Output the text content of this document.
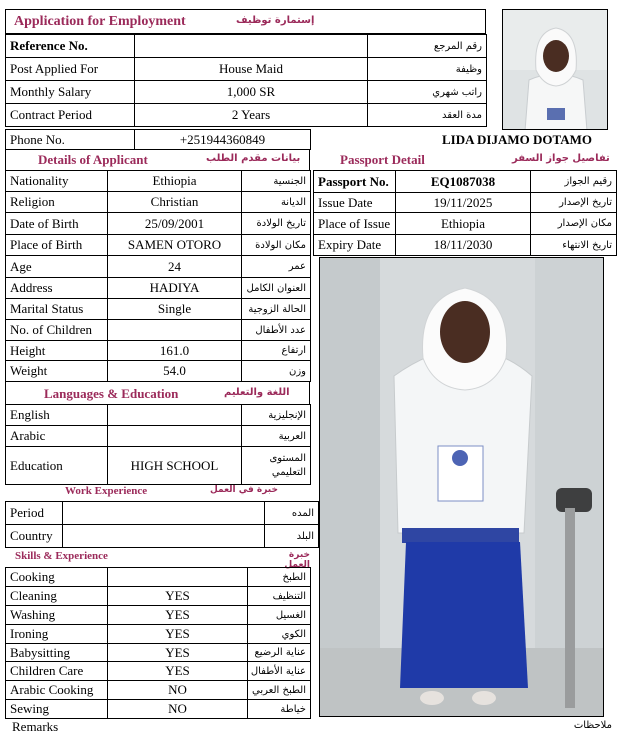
Application for Employment	إستمارة توظيف
Reference No.		رقم المرجع
Post Applied For	House Maid	وظيفة
Monthly Salary	1,000 SR	راتب شهري
Contract Period	2 Years	مدة العقد
Phone No.	+251944360849	LIDA DIJAMO DOTAMO
Details of Applicant	بيانات مقدم الطلب
Nationality	Ethiopia	الجنسية
Religion	Christian	الديانة
Date of Birth	25/09/2001	تاريخ الولادة
Place of Birth	SAMEN OTORO	مكان الولادة
Age	24	عمر
Address	HADIYA	العنوان الكامل
Marital Status	Single	الحالة الزوجية
No. of Children		عدد الأطفال
Height	161.0	ارتفاع
Weight	54.0	وزن
Passport Detail	تفاصيل جواز السفر
Passport No.	EQ1087038	رقيم الجواز
Issue Date	19/11/2025	تاريخ الإصدار
Place of Issue	Ethiopia	مكان الإصدار
Expiry Date	18/11/2030	تاريخ الانتهاء
Languages & Education	اللغة والتعليم
English		الإنجليزية
Arabic		العربية
Education	HIGH SCHOOL	المستوى التعليمي
Work Experience	خبرة في العمل
Period		المده
Country		البلد
Skills & Experience	خبرة العمل
Cooking		الطبخ
Cleaning	YES	التنظيف
Washing	YES	الغسيل
Ironing	YES	الكوي
Babysitting	YES	عناية الرضيع
Children Care	YES	عناية الأطفال
Arabic Cooking	NO	الطبخ العربي
Sewing	NO	خياطة
Remarks	ملاحظات
